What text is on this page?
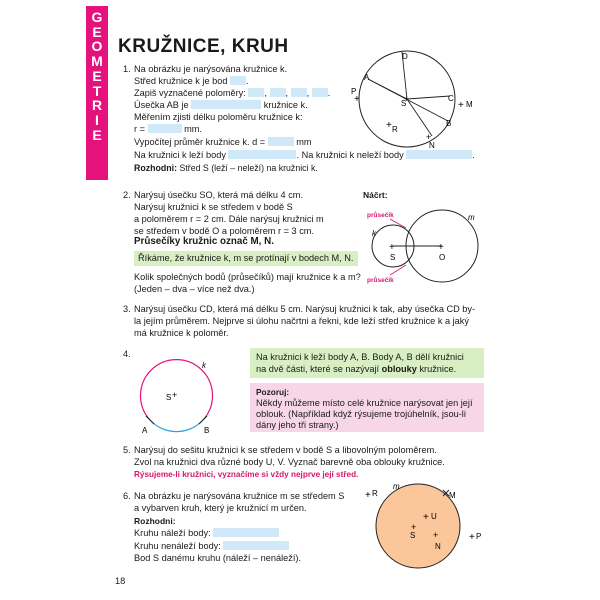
G
E
O
M
E
T
R
I
E
KRUŽNICE, KRUH
1. Na obrázku je narýsována kružnice k.
Střed kružnice k je bod .
Zapiš vyznačené poloměry: , , , .
Úsečka AB je	kružnice k.
Měřením zjisti délku poloměru kružnice k:
r =	mm.
Vypočítej průměr kružnice k. d =	mm
Na kružnici k leží body	. Na kružnici k neleží body	.
Rozhodni: Střed S (leží – neleží) na kružnici k.
D
A
P
+	S
+	C
+ M
+ R
B
+
N
2. Narýsuj úsečku SO, která má délku 4 cm.
Narýsuj kružnici k se středem v bodě S
a poloměrem r = 2 cm. Dále narýsuj kružnici m
se středem v bodě O a poloměrem r = 3 cm.
Průsečíky kružnic označ M, N.
Říkáme, že kružnice k, m se protínají v bodech M, N.
Kolik společných bodů (průsečíků) mají kružnice k a m?
(Jeden – dva – více než dva.)
Náčrt:
průsečík
průsečík
k
m
+
S
+
O
3. Narýsuj úsečku CD, která má délku 5 cm. Narýsuj kružnici k tak, aby úsečka CD by-
la jejím průměrem. Nejprve si úlohu načrtni a řekni, kde leží střed kružnice k a jaký
má kružnice k poloměr.
4.
k
+
S
A	B
Na kružnici k leží body A, B. Body A, B dělí kružnici
na dvě části, které se nazývají oblouky kružnice.
Pozoruj:
Někdy můžeme místo celé kružnice narýsovat jen její
oblouk. (Například když rýsujeme trojúhelník, jsou-li
dány jeho tři strany.)
5. Narýsuj do sešitu kružnici k se středem v bodě S a libovolným poloměrem.
Zvol na kružnici dva různé body U, V. Vyznač barevně oba oblouky kružnice.
Rýsujeme-li kružnici, vyznačíme si vždy nejprve její střed.
6. Na obrázku je narýsována kružnice m se středem S
a vybarven kruh, který je kružnicí m určen.
Rozhodni:
Kruhu náleží body:
Kruhu nenáleží body:
Bod S danému kruhu (náleží – nenáleží).
+ R
m
M
+ U
+
S +
N
+ P
18
